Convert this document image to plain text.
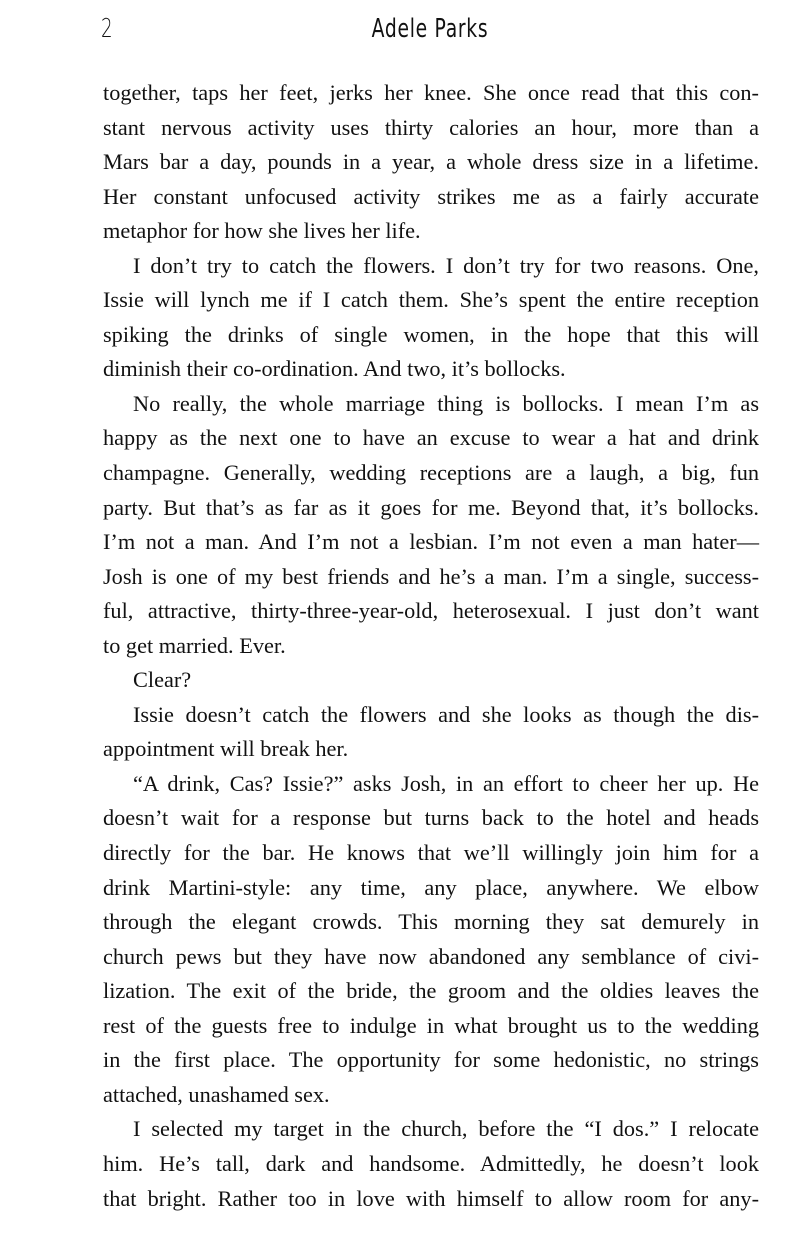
2	Adele Parks
together, taps her feet, jerks her knee. She once read that this con-
stant nervous activity uses thirty calories an hour, more than a
Mars bar a day, pounds in a year, a whole dress size in a lifetime.
Her constant unfocused activity strikes me as a fairly accurate
metaphor for how she lives her life.
I don’t try to catch the flowers. I don’t try for two reasons. One,
Issie will lynch me if I catch them. She’s spent the entire reception
spiking the drinks of single women, in the hope that this will
diminish their co-ordination. And two, it’s bollocks.
No really, the whole marriage thing is bollocks. I mean I’m as
happy as the next one to have an excuse to wear a hat and drink
champagne. Generally, wedding receptions are a laugh, a big, fun
party. But that’s as far as it goes for me. Beyond that, it’s bollocks.
I’m not a man. And I’m not a lesbian. I’m not even a man hater—
Josh is one of my best friends and he’s a man. I’m a single, success-
ful, attractive, thirty-three-year-old, heterosexual. I just don’t want
to get married. Ever.
Clear?
Issie doesn’t catch the flowers and she looks as though the dis-
appointment will break her.
“A drink, Cas? Issie?” asks Josh, in an effort to cheer her up. He
doesn’t wait for a response but turns back to the hotel and heads
directly for the bar. He knows that we’ll willingly join him for a
drink Martini-style: any time, any place, anywhere. We elbow
through the elegant crowds. This morning they sat demurely in
church pews but they have now abandoned any semblance of civi-
lization. The exit of the bride, the groom and the oldies leaves the
rest of the guests free to indulge in what brought us to the wedding
in the first place. The opportunity for some hedonistic, no strings
attached, unashamed sex.
I selected my target in the church, before the “I dos.” I relocate
him. He’s tall, dark and handsome. Admittedly, he doesn’t look
that bright. Rather too in love with himself to allow room for any-
